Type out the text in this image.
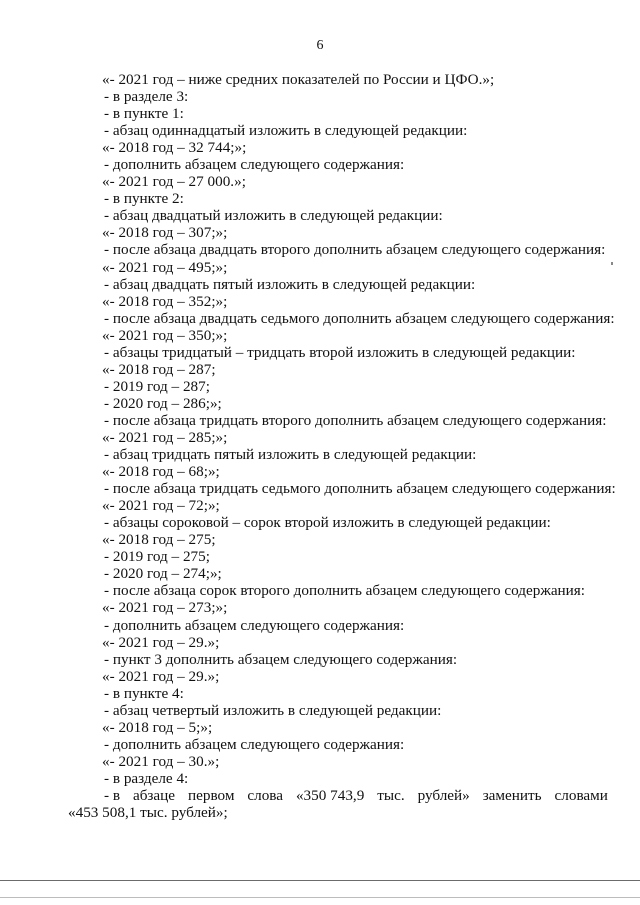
6
«- 2021 год – ниже средних показателей по России и ЦФО.»;
- в разделе 3:
- в пункте 1:
- абзац одиннадцатый изложить в следующей редакции:
«- 2018 год – 32 744;»;
- дополнить абзацем следующего содержания:
«- 2021 год – 27 000.»;
- в пункте 2:
- абзац двадцатый изложить в следующей редакции:
«- 2018 год – 307;»;
- после абзаца двадцать второго дополнить абзацем следующего содержания:
«- 2021 год – 495;»;
- абзац двадцать пятый изложить в следующей редакции:
«- 2018 год – 352;»;
- после абзаца двадцать седьмого дополнить абзацем следующего содержания:
«- 2021 год – 350;»;
- абзацы тридцатый – тридцать второй изложить в следующей редакции:
«- 2018 год – 287;
- 2019 год – 287;
- 2020 год – 286;»;
- после абзаца тридцать второго дополнить абзацем следующего содержания:
«- 2021 год – 285;»;
- абзац тридцать пятый изложить в следующей редакции:
«- 2018 год – 68;»;
- после абзаца тридцать седьмого дополнить абзацем следующего содержания:
«- 2021 год – 72;»;
- абзацы сороковой – сорок второй изложить в следующей редакции:
«- 2018 год – 275;
- 2019 год – 275;
- 2020 год – 274;»;
- после абзаца сорок второго дополнить абзацем следующего содержания:
«- 2021 год – 273;»;
- дополнить абзацем следующего содержания:
«- 2021 год – 29.»;
- пункт 3 дополнить абзацем следующего содержания:
«- 2021 год – 29.»;
- в пункте 4:
- абзац четвертый изложить в следующей редакции:
«- 2018 год – 5;»;
- дополнить абзацем следующего содержания:
«- 2021 год – 30.»;
- в разделе 4:
- в абзаце первом слова «350 743,9 тыс. рублей» заменить словами
«453 508,1 тыс. рублей»;
